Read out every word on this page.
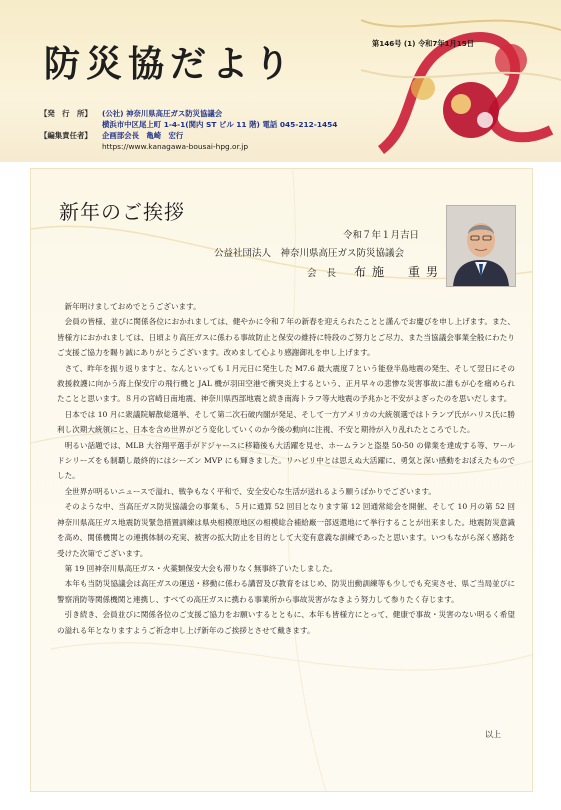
防災協だより	第146号 (1) 令和7年1月15日
【発　行　所】 (公社) 神奈川県高圧ガス防災協議会
横浜市中区尾上町 1-4-1(関内 ST ビル 11 階) 電話 045-212-1454
【編集責任者】 企画部会長　亀崎　宏行
https://www.kanagawa-bousai-hpg.or.jp
新年のご挨拶
令和７年１月吉日
公益社団法人　神奈川県高圧ガス防災協議会
会長 布施　重男

新年明けましておめでとうございます。

会員の皆様、並びに関係各位におかれましては、健やかに令和７年の新春を迎えられたことと謹んでお慶びを申し上げます。また、皆様方におかれましては、日頃より高圧ガスに係わる事故防止と保安の維持に特段のご努力とご尽力、また当協議会事業全般にわたりご支援ご協力を賜り誠にありがとうございます。改めまして心より感謝御礼を申し上げます。

さて、昨年を振り返りますと、なんといっても１月元日に発生した M7.6 最大震度７という能登半島地震の発生、そして翌日にその救援救護に向かう海上保安庁の飛行機と JAL 機が羽田空港で衝突炎上するという、正月早々の悲惨な災害事故に誰もが心を痛められたことと思います。８月の宮崎日南地震、神奈川県西部地震と続き南海トラフ等大地震の予兆かと不安がよぎったのを思いだします。

日本では 10 月に衆議院解散総選挙、そして第二次石破内閣が発足、そして一方アメリカの大統領選ではトランプ氏がハリス氏に勝利し次期大統領にと、日本を含め世界がどう変化していくのか今後の動向に注視、不安と期待が入り乱れたところでした。

明るい話題では、MLB 大谷翔平選手がドジャースに移籍後も大活躍を見せ、ホームランと盗塁 50-50 の偉業を達成する等、ワールドシリーズをも制覇し最終的にはシーズン MVP にも輝きました。リハビリ中とは思えぬ大活躍に、勇気と深い感動をおぼえたものでした。

全世界が明るいニュースで溢れ、戦争もなく平和で、安全安心な生活が送れるよう願うばかりでございます。

そのような中、当高圧ガス防災協議会の事業も、５月に通算 52 回目となります第 12 回通常総会を開催、そして 10 月の第 52 回神奈川県高圧ガス地震防災緊急措置訓練は県央相模原地区の相模総合補給廠一部返還地にて挙行することが出来ました。地震防災意識を高め、関係機関との連携体制の充実、被害の拡大防止を目的として大変有意義な訓練であったと思います。いつもながら深く感銘を受けた次第でございます。

第 19 回神奈川県高圧ガス・火薬類保安大会も滞りなく無事終了いたしました。

本年も当防災協議会は高圧ガスの運送・移動に係わる講習及び教育をはじめ、防災出動訓練等も少しでも充実させ、県ご当局並びに警察消防等関係機関と連携し、すべての高圧ガスに携わる事業所から事故災害がなきよう努力して参りたく存じます。

引き続き、会員並びに関係各位のご支援ご協力をお願いするとともに、本年も皆様方にとって、健康で事故・災害のない明るく希望の溢れる年となりますようご祈念申し上げ新年のご挨拶とさせて戴きます。

以上
